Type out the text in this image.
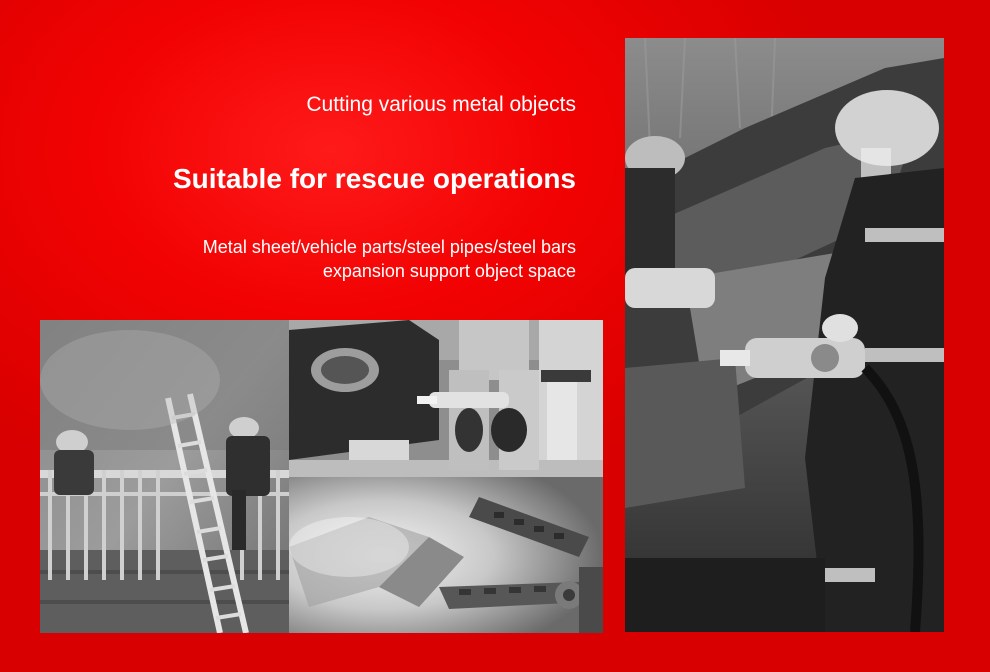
Cutting various metal objects
Suitable for rescue operations
Metal sheet/vehicle parts/steel pipes/steel bars
expansion support object space
